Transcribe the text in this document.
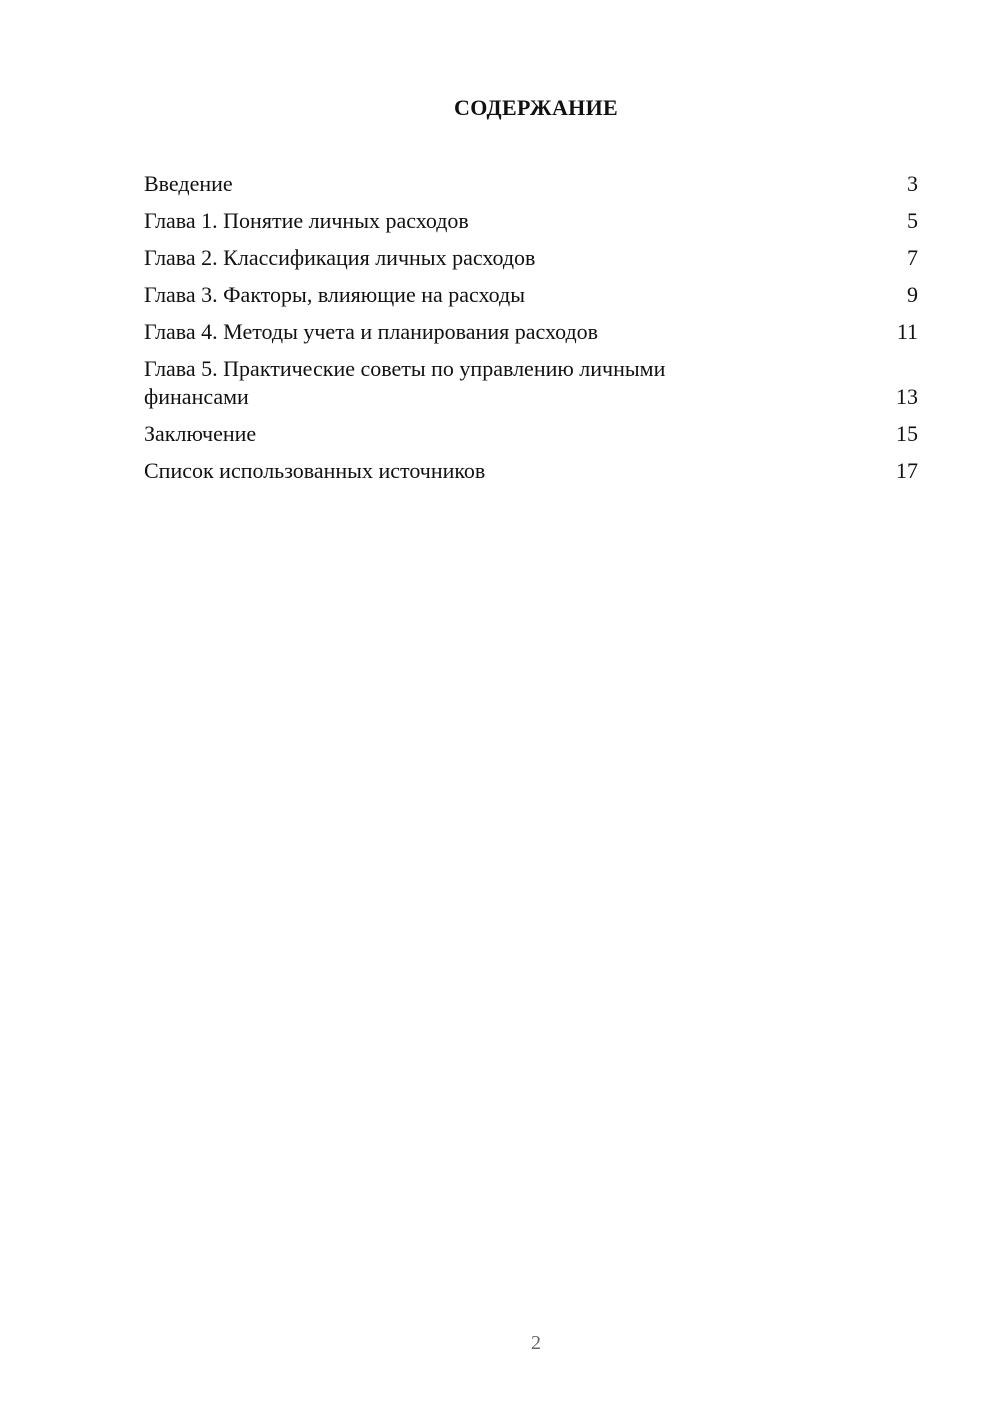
СОДЕРЖАНИЕ
Введение	3
Глава 1. Понятие личных расходов	5
Глава 2. Классификация личных расходов	7
Глава 3. Факторы, влияющие на расходы	9
Глава 4. Методы учета и планирования расходов	11
Глава 5. Практические советы по управлению личными финансами	13
Заключение	15
Список использованных источников	17
2
